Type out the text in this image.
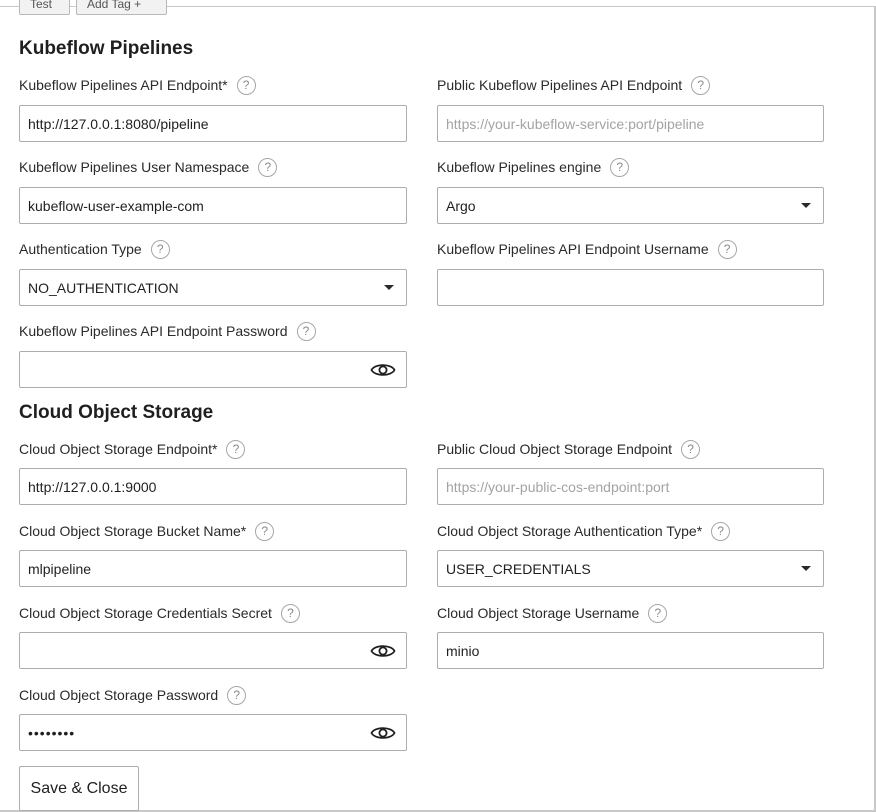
Test	Add Tag +
Kubeflow Pipelines
Kubeflow Pipelines API Endpoint*	?
http://127.0.0.1:8080/pipeline
Public Kubeflow Pipelines API Endpoint	?
https://your-kubeflow-service:port/pipeline
Kubeflow Pipelines User Namespace	?
kubeflow-user-example-com
Kubeflow Pipelines engine	?
Argo
Authentication Type	?
NO_AUTHENTICATION
Kubeflow Pipelines API Endpoint Username	?
Kubeflow Pipelines API Endpoint Password	?
Cloud Object Storage
Cloud Object Storage Endpoint*	?
http://127.0.0.1:9000
Public Cloud Object Storage Endpoint	?
https://your-public-cos-endpoint:port
Cloud Object Storage Bucket Name*	?
mlpipeline
Cloud Object Storage Authentication Type*	?
USER_CREDENTIALS
Cloud Object Storage Credentials Secret	?	Cloud Object Storage Username	?
minio
Cloud Object Storage Password	?
••••••••
Save & Close
